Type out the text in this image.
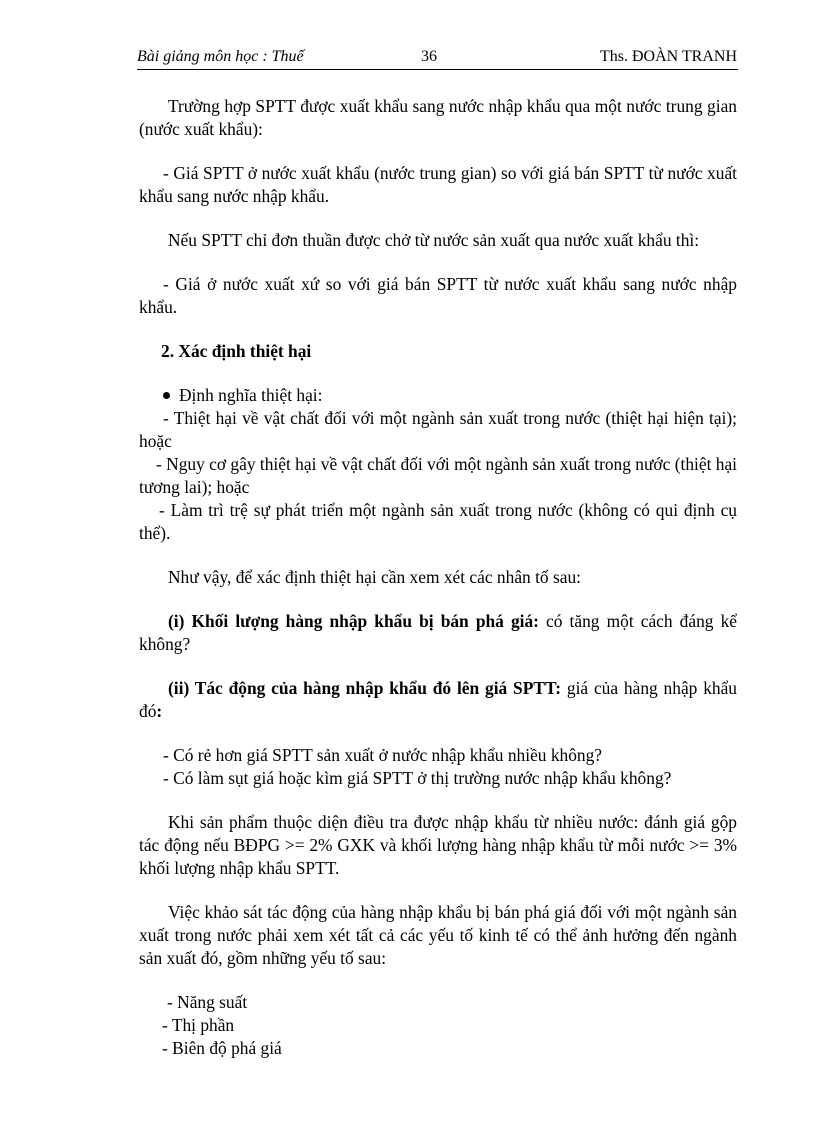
Bài giảng môn học : Thuế	36	Ths. ĐOÀN TRANH

Trường hợp SPTT được xuất khẩu sang nước nhập khẩu qua một nước trung gian (nước xuất khẩu):

- Giá SPTT ở nước xuất khẩu (nước trung gian) so với giá bán SPTT từ nước xuất khẩu sang nước nhập khẩu.

Nếu SPTT chỉ đơn thuần được chở từ nước sản xuất qua nước xuất khẩu thì:

- Giá ở nước xuất xứ so với giá bán SPTT từ nước xuất khẩu sang nước nhập khẩu.

2. Xác định thiệt hại

Định nghĩa thiệt hại:

- Thiệt hại về vật chất đối với một ngành sản xuất trong nước (thiệt hại hiện tại); hoặc

- Nguy cơ gây thiệt hại về vật chất đối với một ngành sản xuất trong nước (thiệt hại tương lai); hoặc

- Làm trì trệ sự phát triển một ngành sản xuất trong nước (không có qui định cụ thể).

Như vậy, để xác định thiệt hại cần xem xét các nhân tố sau:

(i) Khối lượng hàng nhập khẩu bị bán phá giá: có tăng một cách đáng kể không?

(ii) Tác động của hàng nhập khẩu đó lên giá SPTT: giá của hàng nhập khẩu đó:

- Có rẻ hơn giá SPTT sản xuất ở nước nhập khẩu nhiều không?

- Có làm sụt giá hoặc kìm giá SPTT ở thị trường nước nhập khẩu không?

Khi sản phẩm thuộc diện điều tra được nhập khẩu từ nhiều nước: đánh giá gộp tác động nếu BĐPG >= 2% GXK và khối lượng hàng nhập khẩu từ mỗi nước >= 3% khối lượng nhập khẩu SPTT.

Việc khảo sát tác động của hàng nhập khẩu bị bán phá giá đối với một ngành sản xuất trong nước phải xem xét tất cả các yếu tố kinh tế có thể ảnh hưởng đến ngành sản xuất đó, gồm những yếu tố sau:

- Năng suất

- Thị phần

- Biên độ phá giá
